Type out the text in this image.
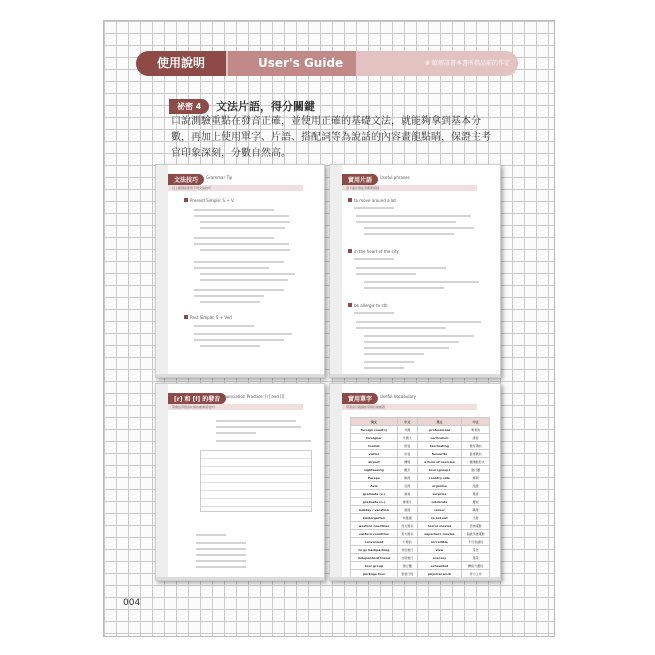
使用說明	User's Guide	※ 瞭解該書本書所指品前的作定
祕密 4	文法片語，得分關鍵
口說測驗重點在發音正確，並使用正確的基礎文法，就能夠拿到基本分數，再加上使用單字、片語、搭配詞等為說話的內容畫龍點睛，保證主考官印象深刻，分數自然高。
文法技巧	Grammar Tip
以上範例是使用下列文法技巧
Present Simple: S + V
Past Simple: S + Ved
實用片語	Useful phrases
這下面片語在這裡使用到
to move around a lot
in the heart of the city
be allergic to sth.
[r] 和 [l] 的發音
Pronunciation Practice: [r] and [l]
學會在學發音[r]和[l]的發音技巧
實用單字	Useful Vocabulary
學習完以後請在學詞以前複習
英文	中文	英文	中文
foreign country	外國	professional	專業的
foreigner	外國人	curriculum	課程
tourist	遊客	fascinating	極有趣的
visitor	訪客	favourite	最喜歡的
airport	機場	a form of exercise	一種運動形式
sightseeing	觀光	tour (group)	旅行團
Europe	歐洲	country side	鄉間
Asia	亞洲	organise	組織
graduate (v.)	畢業	surprise	驚喜
graduate (n.)	畢業生	celebrate	慶祝
holiday / vacation	假期	career	職業
kindergarten	幼稚園	to set out	出發
western countries	西方國家	horror movies	恐怖電影
eastern countries	東方國家	superhero movies	超級英雄電影
convenient	方便的	incredible	不可思議的
to go backpacking	背包旅行	view	景色
independent travel	自助旅行	scenery	風景
tour group	旅行團	exhausted	精疲力盡的
package tour	套裝行程	physical work	勞力工作
004
